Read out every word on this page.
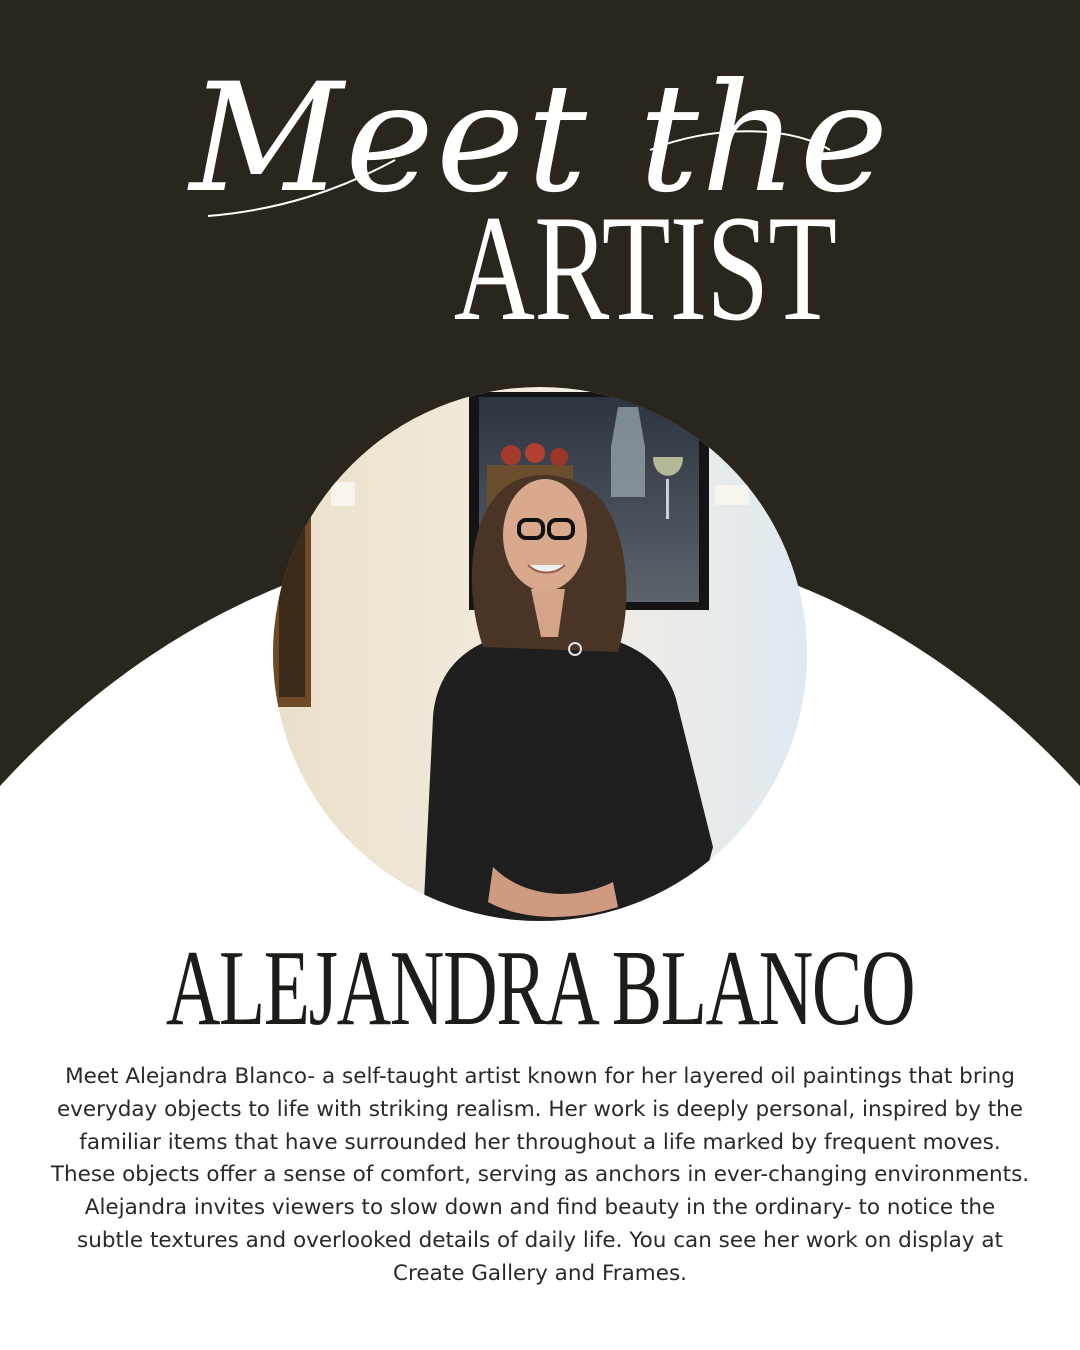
Meet the
ARTIST
ALEJANDRA BLANCO

Meet Alejandra Blanco- a self-taught artist known for her layered oil paintings that bring everyday objects to life with striking realism. Her work is deeply personal, inspired by the familiar items that have surrounded her throughout a life marked by frequent moves. These objects offer a sense of comfort, serving as anchors in ever-changing environments. Alejandra invites viewers to slow down and find beauty in the ordinary- to notice the subtle textures and overlooked details of daily life. You can see her work on display at Create Gallery and Frames.
